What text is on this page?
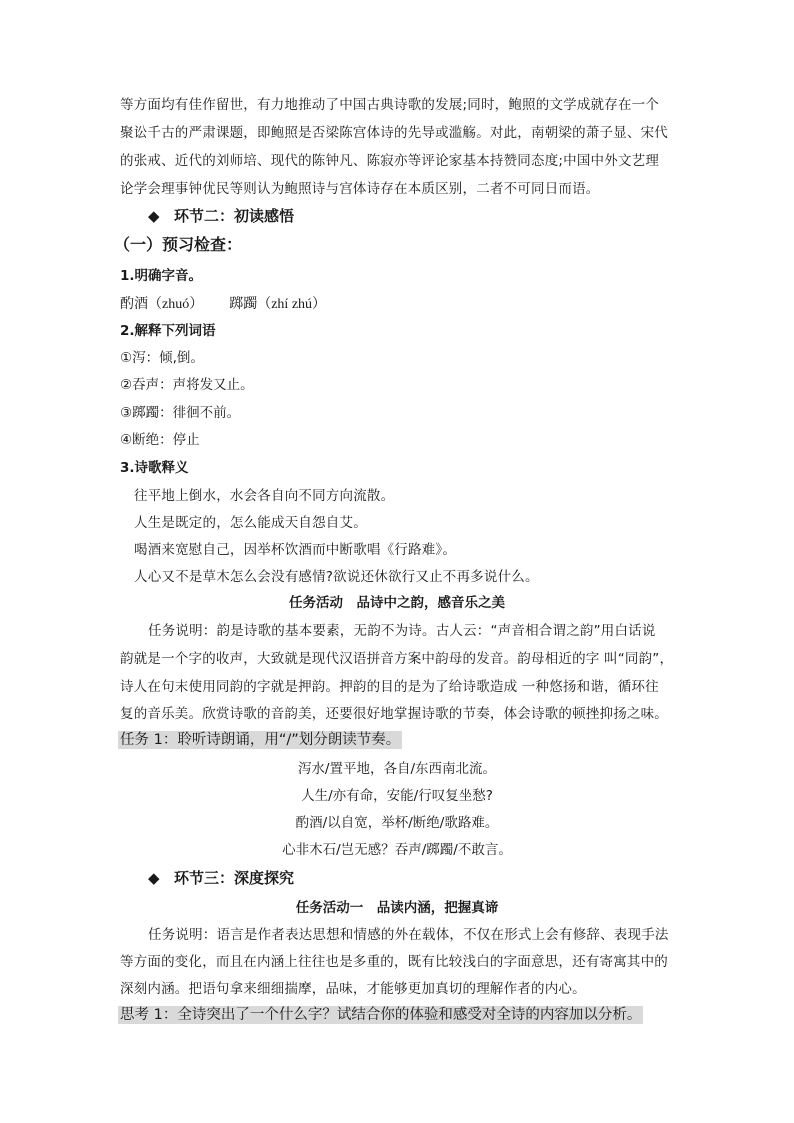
等方面均有佳作留世，有力地推动了中国古典诗歌的发展;同时，鲍照的文学成就存在一个
聚讼千古的严肃课题，即鲍照是否梁陈宫体诗的先导或滥觞。对此，南朝梁的萧子显、宋代
的张戒、近代的刘师培、现代的陈钟凡、陈寂亦等评论家基本持赞同态度;中国中外文艺理
论学会理事钟优民等则认为鲍照诗与宫体诗存在本质区别，二者不可同日而语。
◆ 环节二：初读感悟
（一）预习检查：
1.明确字音。
酌酒（zhuó） 踯躅（zhí zhú）
2.解释下列词语
①泻：倾,倒。
②吞声：声将发又止。
③踯躅：徘徊不前。
④断绝：停止
3.诗歌释义
往平地上倒水，水会各自向不同方向流散。
人生是既定的，怎么能成天自怨自艾。
喝酒来宽慰自己，因举杯饮酒而中断歌唱《行路难》。
人心又不是草木怎么会没有感情?欲说还休欲行又止不再多说什么。
任务活动　品诗中之韵，感音乐之美
任务说明：韵是诗歌的基本要素，无韵不为诗。古人云：“声音相合谓之韵”用白话说
韵就是一个字的收声，大致就是现代汉语拼音方案中韵母的发音。韵母相近的字 叫“同韵”，
诗人在句末使用同韵的字就是押韵。押韵的目的是为了给诗歌造成 一种悠扬和谐，循环往
复的音乐美。欣赏诗歌的音韵美，还要很好地掌握诗歌的节奏，体会诗歌的顿挫抑扬之味。
任务 1：聆听诗朗诵，用“/”划分朗读节奏。
泻水/置平地，各自/东西南北流。
人生/亦有命，安能/行叹复坐愁?
酌酒/以自宽，举杯/断绝/歌路难。
心非木石/岂无感？吞声/踯躅/不敢言。
◆ 环节三：深度探究
任务活动一　品读内涵，把握真谛
任务说明：语言是作者表达思想和情感的外在载体，不仅在形式上会有修辞、表现手法
等方面的变化，而且在内涵上往往也是多重的，既有比较浅白的字面意思，还有寄寓其中的
深刻内涵。把语句拿来细细揣摩，品味，才能够更加真切的理解作者的内心。
思考 1：全诗突出了一个什么字？试结合你的体验和感受对全诗的内容加以分析。
